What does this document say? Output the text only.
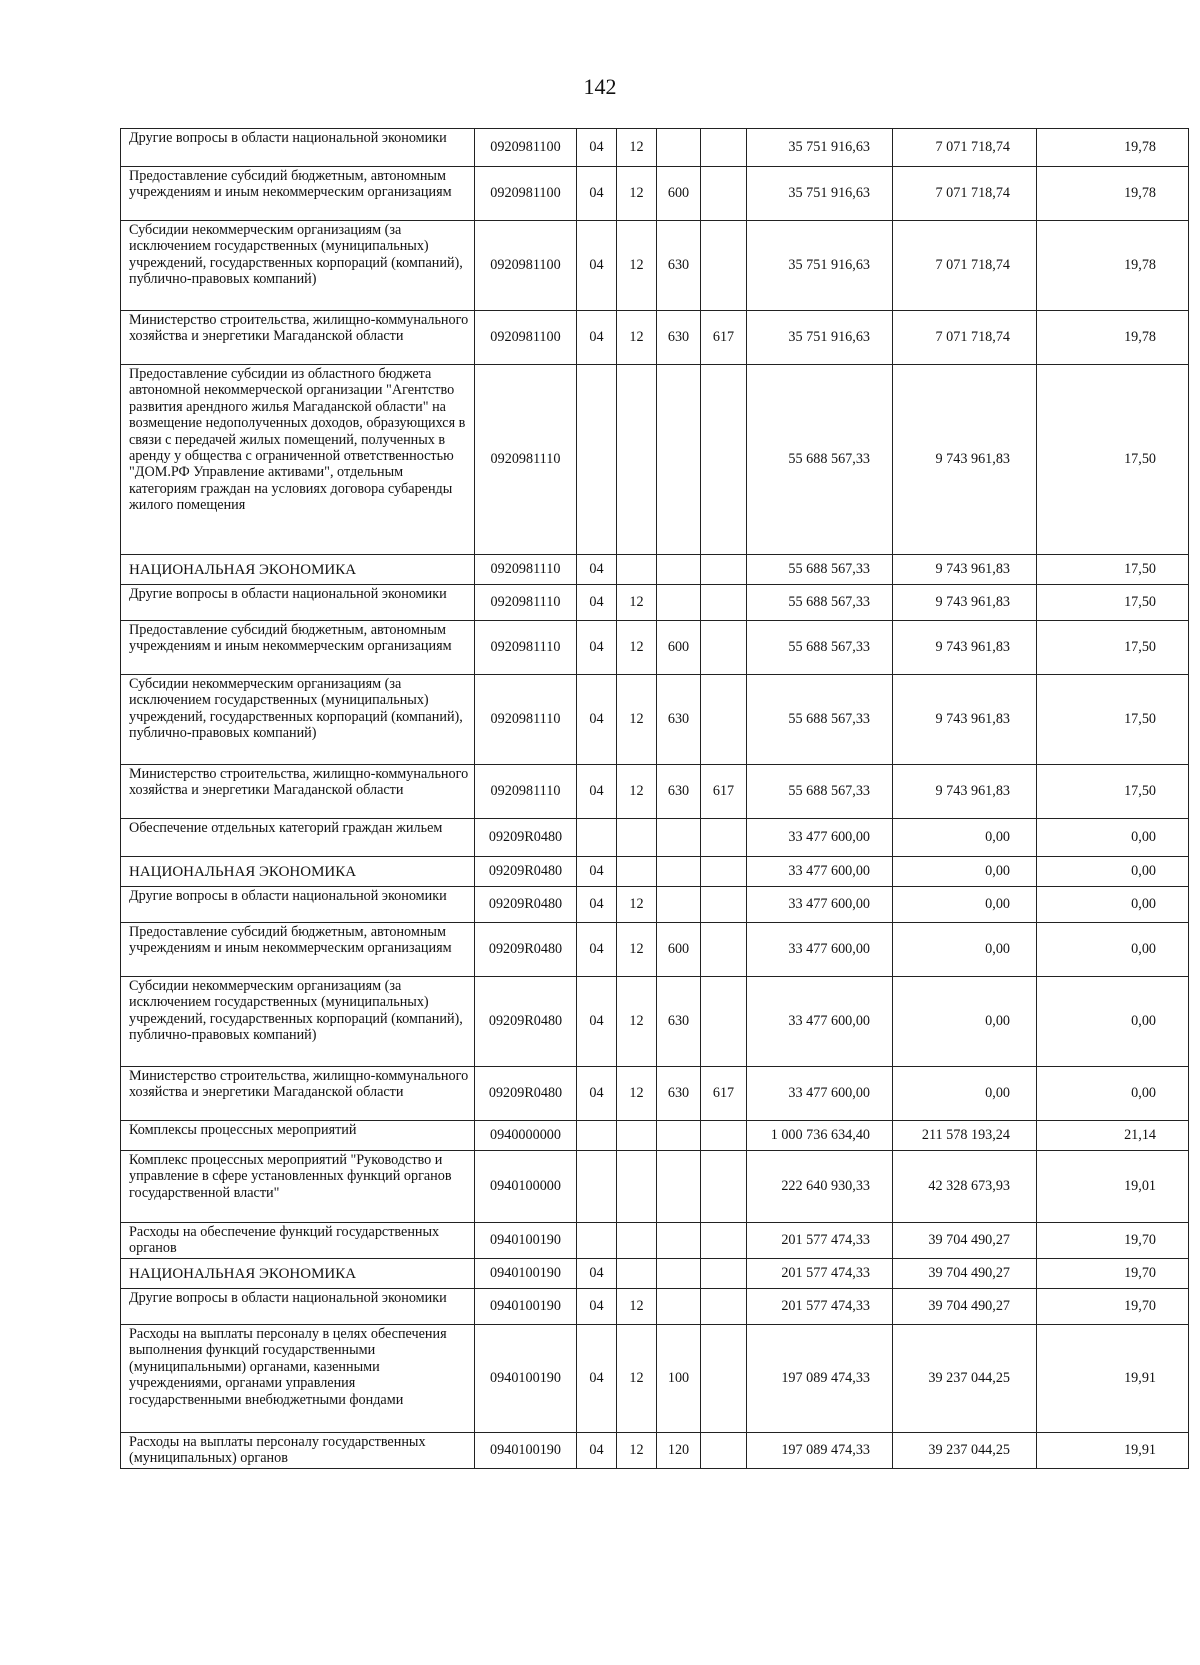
142
Другие вопросы в области национальной экономики	0920981100	04	12			35 751 916,63	7 071 718,74	19,78
Предоставление субсидий бюджетным, автономным учреждениям и иным некоммерческим организациям	0920981100	04	12	600		35 751 916,63	7 071 718,74	19,78
Субсидии некоммерческим организациям (за исключением государственных (муниципальных) учреждений, государственных корпораций (компаний), публично-правовых компаний)	0920981100	04	12	630		35 751 916,63	7 071 718,74	19,78
Министерство строительства, жилищно-коммунального хозяйства и энергетики Магаданской области	0920981100	04	12	630	617	35 751 916,63	7 071 718,74	19,78
Предоставление субсидии из областного бюджета автономной некоммерческой организации "Агентство развития арендного жилья Магаданской области" на возмещение недополученных доходов, образующихся в связи с передачей жилых помещений, полученных в аренду у общества с ограниченной ответственностью "ДОМ.РФ Управление активами", отдельным категориям граждан на условиях договора субаренды жилого помещения	0920981110					55 688 567,33	9 743 961,83	17,50
НАЦИОНАЛЬНАЯ ЭКОНОМИКА	0920981110	04				55 688 567,33	9 743 961,83	17,50
Другие вопросы в области национальной экономики	0920981110	04	12			55 688 567,33	9 743 961,83	17,50
Предоставление субсидий бюджетным, автономным учреждениям и иным некоммерческим организациям	0920981110	04	12	600		55 688 567,33	9 743 961,83	17,50
Субсидии некоммерческим организациям (за исключением государственных (муниципальных) учреждений, государственных корпораций (компаний), публично-правовых компаний)	0920981110	04	12	630		55 688 567,33	9 743 961,83	17,50
Министерство строительства, жилищно-коммунального хозяйства и энергетики Магаданской области	0920981110	04	12	630	617	55 688 567,33	9 743 961,83	17,50
Обеспечение отдельных категорий граждан жильем	09209R0480					33 477 600,00	0,00	0,00
НАЦИОНАЛЬНАЯ ЭКОНОМИКА	09209R0480	04				33 477 600,00	0,00	0,00
Другие вопросы в области национальной экономики	09209R0480	04	12			33 477 600,00	0,00	0,00
Предоставление субсидий бюджетным, автономным учреждениям и иным некоммерческим организациям	09209R0480	04	12	600		33 477 600,00	0,00	0,00
Субсидии некоммерческим организациям (за исключением государственных (муниципальных) учреждений, государственных корпораций (компаний), публично-правовых компаний)	09209R0480	04	12	630		33 477 600,00	0,00	0,00
Министерство строительства, жилищно-коммунального хозяйства и энергетики Магаданской области	09209R0480	04	12	630	617	33 477 600,00	0,00	0,00
Комплексы процессных мероприятий	0940000000					1 000 736 634,40	211 578 193,24	21,14
Комплекс процессных мероприятий "Руководство и управление в сфере установленных функций органов государственной власти"	0940100000					222 640 930,33	42 328 673,93	19,01
Расходы на обеспечение функций государственных органов	0940100190					201 577 474,33	39 704 490,27	19,70
НАЦИОНАЛЬНАЯ ЭКОНОМИКА	0940100190	04				201 577 474,33	39 704 490,27	19,70
Другие вопросы в области национальной экономики	0940100190	04	12			201 577 474,33	39 704 490,27	19,70
Расходы на выплаты персоналу в целях обеспечения выполнения функций государственными (муниципальными) органами, казенными учреждениями, органами управления государственными внебюджетными фондами	0940100190	04	12	100		197 089 474,33	39 237 044,25	19,91
Расходы на выплаты персоналу государственных (муниципальных) органов	0940100190	04	12	120		197 089 474,33	39 237 044,25	19,91
